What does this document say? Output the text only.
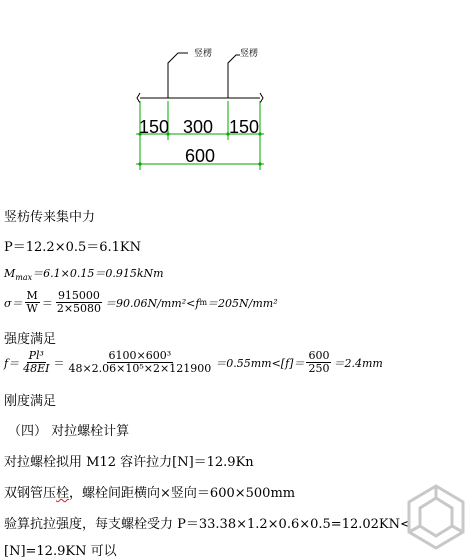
竖楞	竖楞
150 300 150
600
竖枋传来集中力
P＝12.2×0.5＝6.1KN
$M_{max}=6.1\times 0.15=0.915kNm$
$\sigma= \frac{M}{W} = \frac{915000}{2\times 5080} =90.06N/mm^2<f$ m ＝205N/mm²
强度满足
$f= \frac{\text{Pl³}}{48EI} = \frac{\text{6100×600³}}{\text{48×2.06×10⁵×2×121900}} =0.55mm<[f]= \frac{600}{250} =2.4mm$
刚度满足
（四） 对拉螺栓计算
对拉螺栓拟用 M12 容许拉力[N]＝12.9Kn
双钢管压栓，螺栓间距横向×竖向＝600×500mm
验算抗拉强度，每支螺栓受力 P＝33.38×1.2×0.6×0.5=12.02KN<
[N]=12.9KN 可以
